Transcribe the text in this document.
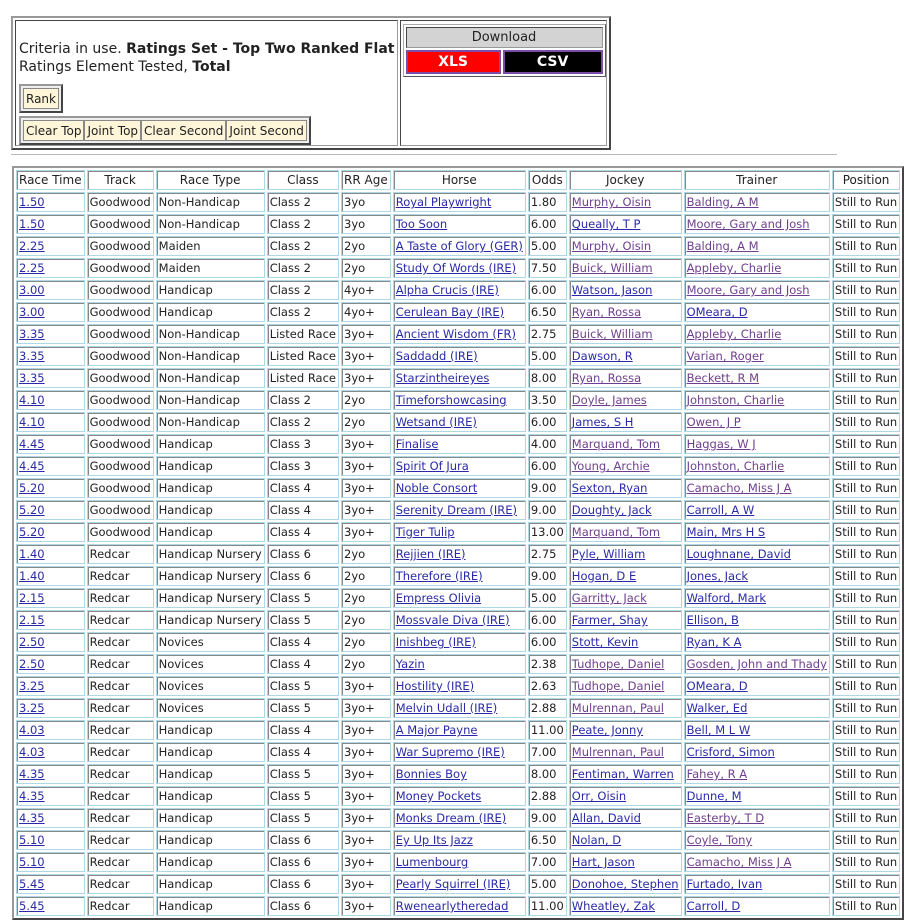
Criteria in use. Ratings Set - Top Two Ranked Flat
Ratings Element Tested, Total
Rank
Clear Top Joint Top Clear Second Joint Second	
Download
XLS	CSV
Race Time	Track	Race Type	Class	RR Age	Horse	Odds	Jockey	Trainer	Position
1.50	Goodwood	Non-Handicap	Class 2	3yo	Royal Playwright	1.80	Murphy, Oisin	Balding, A M	Still to Run
1.50	Goodwood	Non-Handicap	Class 2	3yo	Too Soon	6.00	Queally, T P	Moore, Gary and Josh	Still to Run
2.25	Goodwood	Maiden	Class 2	2yo	A Taste of Glory (GER)	5.00	Murphy, Oisin	Balding, A M	Still to Run
2.25	Goodwood	Maiden	Class 2	2yo	Study Of Words (IRE)	7.50	Buick, William	Appleby, Charlie	Still to Run
3.00	Goodwood	Handicap	Class 2	4yo+	Alpha Crucis (IRE)	6.00	Watson, Jason	Moore, Gary and Josh	Still to Run
3.00	Goodwood	Handicap	Class 2	4yo+	Cerulean Bay (IRE)	6.50	Ryan, Rossa	OMeara, D	Still to Run
3.35	Goodwood	Non-Handicap	Listed Race	3yo+	Ancient Wisdom (FR)	2.75	Buick, William	Appleby, Charlie	Still to Run
3.35	Goodwood	Non-Handicap	Listed Race	3yo+	Saddadd (IRE)	5.00	Dawson, R	Varian, Roger	Still to Run
3.35	Goodwood	Non-Handicap	Listed Race	3yo+	Starzintheireyes	8.00	Ryan, Rossa	Beckett, R M	Still to Run
4.10	Goodwood	Non-Handicap	Class 2	2yo	Timeforshowcasing	3.50	Doyle, James	Johnston, Charlie	Still to Run
4.10	Goodwood	Non-Handicap	Class 2	2yo	Wetsand (IRE)	6.00	James, S H	Owen, J P	Still to Run
4.45	Goodwood	Handicap	Class 3	3yo+	Finalise	4.00	Marquand, Tom	Haggas, W J	Still to Run
4.45	Goodwood	Handicap	Class 3	3yo+	Spirit Of Jura	6.00	Young, Archie	Johnston, Charlie	Still to Run
5.20	Goodwood	Handicap	Class 4	3yo+	Noble Consort	9.00	Sexton, Ryan	Camacho, Miss J A	Still to Run
5.20	Goodwood	Handicap	Class 4	3yo+	Serenity Dream (IRE)	9.00	Doughty, Jack	Carroll, A W	Still to Run
5.20	Goodwood	Handicap	Class 4	3yo+	Tiger Tulip	13.00	Marquand, Tom	Main, Mrs H S	Still to Run
1.40	Redcar	Handicap Nursery	Class 6	2yo	Rejjien (IRE)	2.75	Pyle, William	Loughnane, David	Still to Run
1.40	Redcar	Handicap Nursery	Class 6	2yo	Therefore (IRE)	9.00	Hogan, D E	Jones, Jack	Still to Run
2.15	Redcar	Handicap Nursery	Class 5	2yo	Empress Olivia	5.00	Garritty, Jack	Walford, Mark	Still to Run
2.15	Redcar	Handicap Nursery	Class 5	2yo	Mossvale Diva (IRE)	6.00	Farmer, Shay	Ellison, B	Still to Run
2.50	Redcar	Novices	Class 4	2yo	Inishbeg (IRE)	6.00	Stott, Kevin	Ryan, K A	Still to Run
2.50	Redcar	Novices	Class 4	2yo	Yazin	2.38	Tudhope, Daniel	Gosden, John and Thady	Still to Run
3.25	Redcar	Novices	Class 5	3yo+	Hostility (IRE)	2.63	Tudhope, Daniel	OMeara, D	Still to Run
3.25	Redcar	Novices	Class 5	3yo+	Melvin Udall (IRE)	2.88	Mulrennan, Paul	Walker, Ed	Still to Run
4.03	Redcar	Handicap	Class 4	3yo+	A Major Payne	11.00	Peate, Jonny	Bell, M L W	Still to Run
4.03	Redcar	Handicap	Class 4	3yo+	War Supremo (IRE)	7.00	Mulrennan, Paul	Crisford, Simon	Still to Run
4.35	Redcar	Handicap	Class 5	3yo+	Bonnies Boy	8.00	Fentiman, Warren	Fahey, R A	Still to Run
4.35	Redcar	Handicap	Class 5	3yo+	Money Pockets	2.88	Orr, Oisin	Dunne, M	Still to Run
4.35	Redcar	Handicap	Class 5	3yo+	Monks Dream (IRE)	9.00	Allan, David	Easterby, T D	Still to Run
5.10	Redcar	Handicap	Class 6	3yo+	Ey Up Its Jazz	6.50	Nolan, D	Coyle, Tony	Still to Run
5.10	Redcar	Handicap	Class 6	3yo+	Lumenbourg	7.00	Hart, Jason	Camacho, Miss J A	Still to Run
5.45	Redcar	Handicap	Class 6	3yo+	Pearly Squirrel (IRE)	5.00	Donohoe, Stephen	Furtado, Ivan	Still to Run
5.45	Redcar	Handicap	Class 6	3yo+	Rwenearlytheredad	11.00	Wheatley, Zak	Carroll, D	Still to Run
